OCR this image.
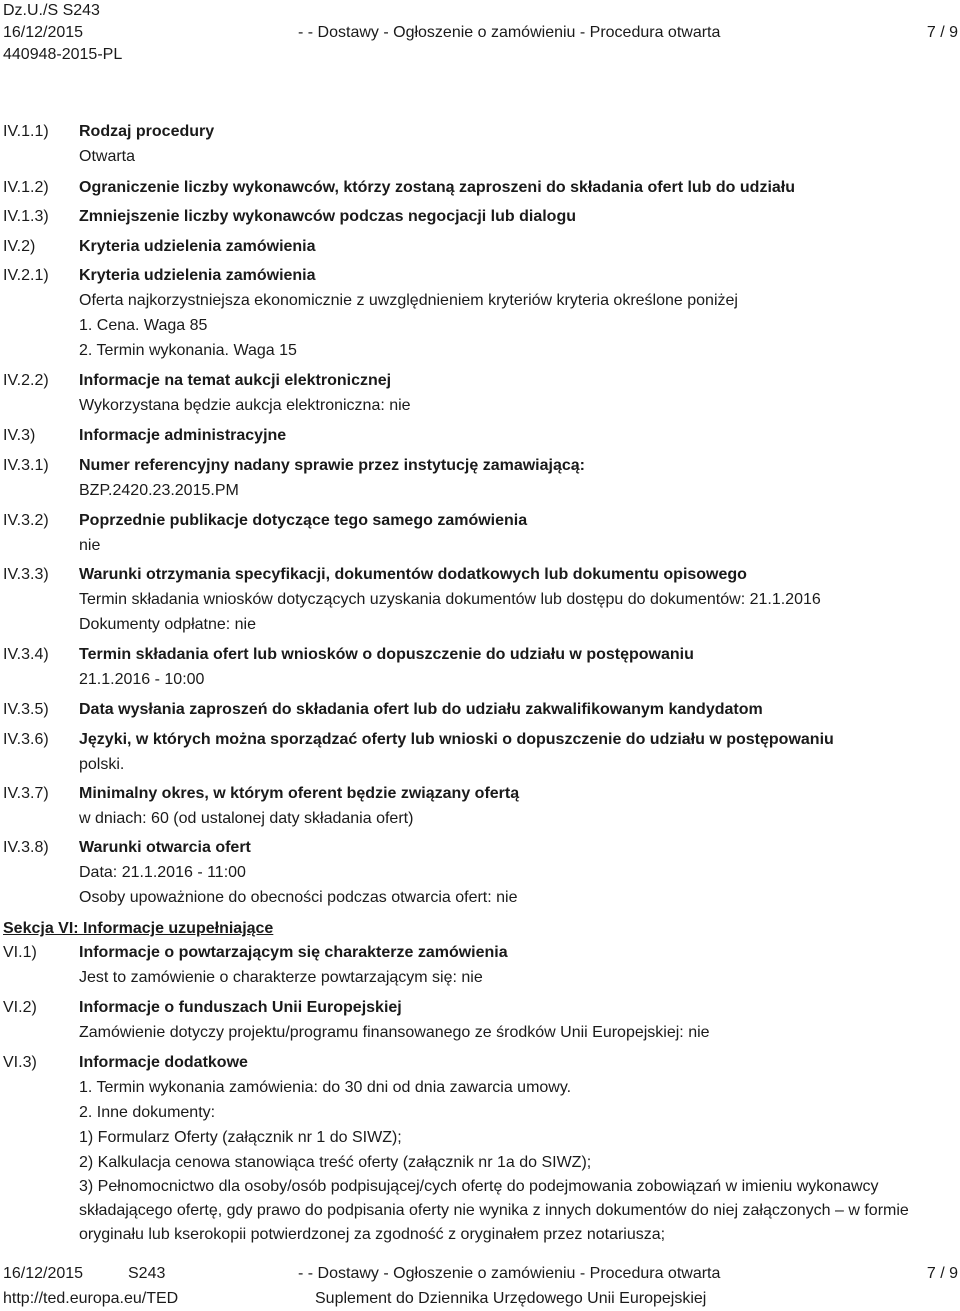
Dz.U./S S243
16/12/2015
440948-2015-PL
- - Dostawy - Ogłoszenie o zamówieniu - Procedura otwarta	7 / 9
IV.1.1) Rodzaj procedury
Otwarta
IV.1.2) Ograniczenie liczby wykonawców, którzy zostaną zaproszeni do składania ofert lub do udziału
IV.1.3) Zmniejszenie liczby wykonawców podczas negocjacji lub dialogu
IV.2)	Kryteria udzielenia zamówienia
IV.2.1) Kryteria udzielenia zamówienia
Oferta najkorzystniejsza ekonomicznie z uwzględnieniem kryteriów kryteria określone poniżej
1. Cena. Waga 85
2. Termin wykonania. Waga 15
IV.2.2) Informacje na temat aukcji elektronicznej
Wykorzystana będzie aukcja elektroniczna: nie
IV.3)	Informacje administracyjne
IV.3.1) Numer referencyjny nadany sprawie przez instytucję zamawiającą:
BZP.2420.23.2015.PM
IV.3.2) Poprzednie publikacje dotyczące tego samego zamówienia
nie
IV.3.3) Warunki otrzymania specyfikacji, dokumentów dodatkowych lub dokumentu opisowego
Termin składania wniosków dotyczących uzyskania dokumentów lub dostępu do dokumentów: 21.1.2016
Dokumenty odpłatne: nie
IV.3.4) Termin składania ofert lub wniosków o dopuszczenie do udziału w postępowaniu
21.1.2016 - 10:00
IV.3.5) Data wysłania zaproszeń do składania ofert lub do udziału zakwalifikowanym kandydatom
IV.3.6) Języki, w których można sporządzać oferty lub wnioski o dopuszczenie do udziału w postępowaniu
polski.
IV.3.7) Minimalny okres, w którym oferent będzie związany ofertą
w dniach: 60 (od ustalonej daty składania ofert)
IV.3.8) Warunki otwarcia ofert
Data: 21.1.2016 - 11:00
Osoby upoważnione do obecności podczas otwarcia ofert: nie
VI.1)	Informacje o powtarzającym się charakterze zamówienia
Jest to zamówienie o charakterze powtarzającym się: nie
VI.2)	Informacje o funduszach Unii Europejskiej
Zamówienie dotyczy projektu/programu finansowanego ze środków Unii Europejskiej: nie
VI.3)	Informacje dodatkowe
1. Termin wykonania zamówienia: do 30 dni od dnia zawarcia umowy.
2. Inne dokumenty:
1) Formularz Oferty (załącznik nr 1 do SIWZ);
2) Kalkulacja cenowa stanowiąca treść oferty (załącznik nr 1a do SIWZ);
3) Pełnomocnictwo dla osoby/osób podpisującej/cych ofertę do podejmowania zobowiązań w imieniu wykonawcy składającego ofertę, gdy prawo do podpisania oferty nie wynika z innych dokumentów do niej załączonych – w formie oryginału lub kserokopii potwierdzonej za zgodność z oryginałem przez notariusza;
Sekcja VI: Informacje uzupełniające
16/12/2015	S243
http://ted.europa.eu/TED
- - Dostawy - Ogłoszenie o zamówieniu - Procedura otwarta
Suplement do Dziennika Urzędowego Unii Europejskiej
7 / 9
